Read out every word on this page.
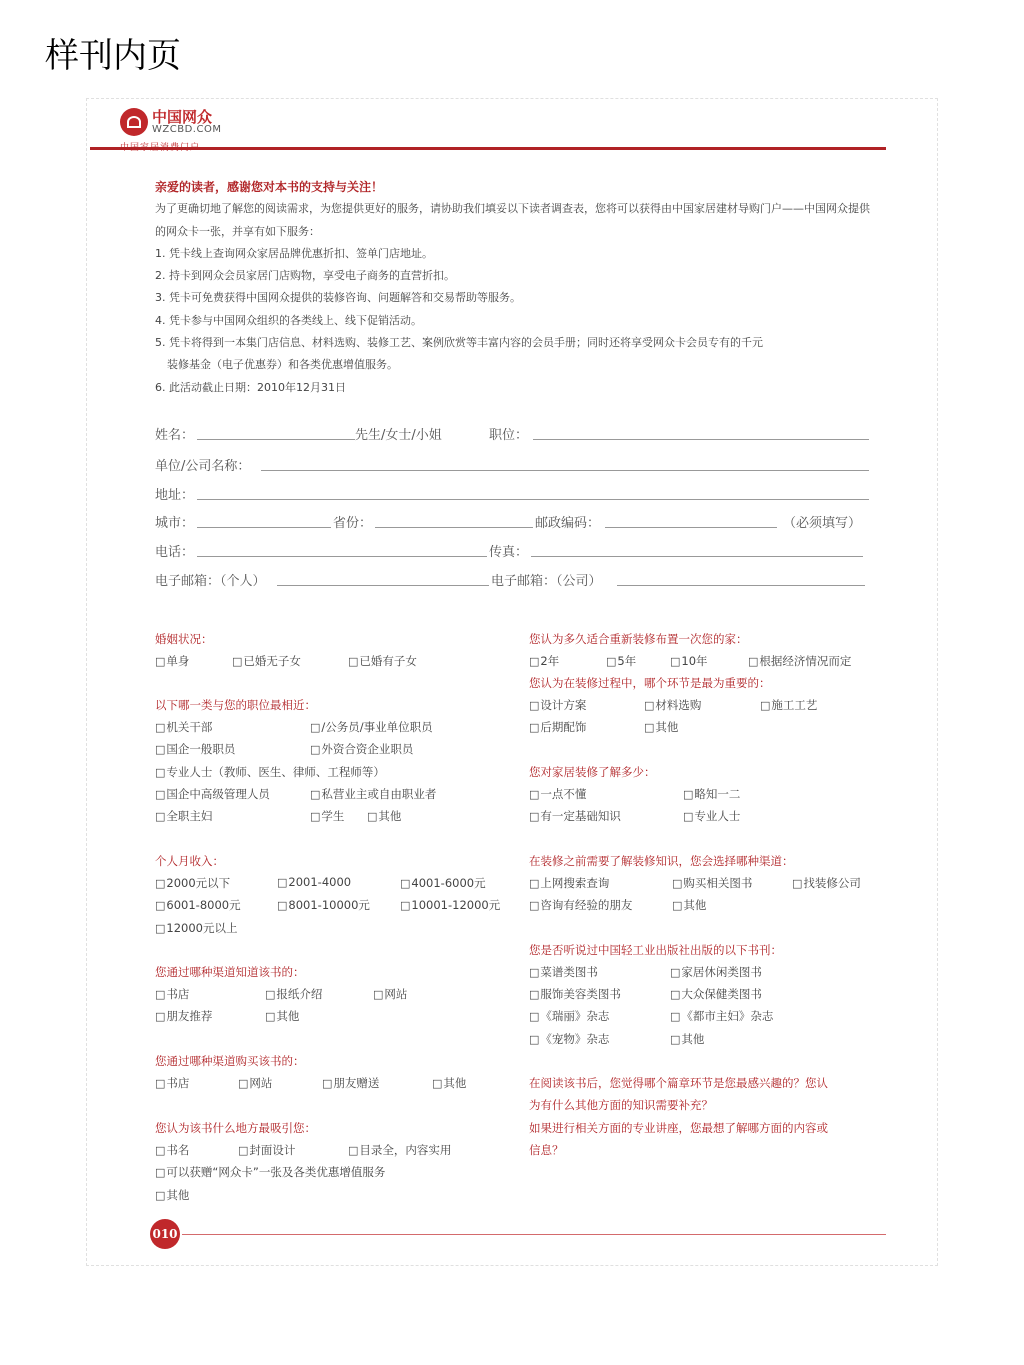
样刊内页
中国网众
WZCBD.COM
亲爱的读者，感谢您对本书的支持与关注！
为了更确切地了解您的阅读需求，为您提供更好的服务，请协助我们填妥以下读者调查表，您将可以获得由中国家居建材导购门户——中国网众提供的网众卡一张，并享有如下服务：
1. 凭卡线上查询网众家居品牌优惠折扣、签单门店地址。
2. 持卡到网众会员家居门店购物，享受电子商务的直营折扣。
3. 凭卡可免费获得中国网众提供的装修咨询、问题解答和交易帮助等服务。
4. 凭卡参与中国网众组织的各类线上、线下促销活动。
5. 凭卡将得到一本集门店信息、材料选购、装修工艺、案例欣赏等丰富内容的会员手册；同时还将享受网众卡会员专有的千元
装修基金（电子优惠券）和各类优惠增值服务。
6. 此活动截止日期：2010年12月31日
姓名：	先生/女士/小姐	职位：
单位/公司名称：
地址：
城市：	省份：	邮政编码：	（必须填写）
电话：	传真：
电子邮箱：（个人）	电子邮箱：（公司）
婚姻状况：
□ 单身	□ 已婚无子女	□ 已婚有子女
以下哪一类与您的职位最相近：
□ 机关干部	□ /公务员/事业单位职员
□ 国企一般职员	□ 外资合资企业职员
□ 专业人士（教师、医生、律师、工程师等）
□ 国企中高级管理人员	□ 私营业主或自由职业者
□ 全职主妇	□ 学生	□ 其他
个人月收入：
□ 2000元以下	□ 2001-4000	□ 4001-6000元
□ 6001-8000元	□ 8001-10000元	□ 10001-12000元
□ 12000元以上
您通过哪种渠道知道该书的：
□ 书店	□ 报纸介绍	□ 网站
□ 朋友推荐	□ 其他
您通过哪种渠道购买该书的：
□ 书店	□ 网站	□ 朋友赠送	□ 其他
您认为该书什么地方最吸引您：
□ 书名	□ 封面设计	□ 目录全，内容实用
□ 可以获赠“网众卡”一张及各类优惠增值服务
□ 其他
您认为多久适合重新装修布置一次您的家：
□ 2年	□ 5年	□ 10年	□ 根据经济情况而定
您认为在装修过程中，哪个环节是最为重要的：
□ 设计方案	□ 材料选购	□ 施工工艺
□ 后期配饰	□ 其他
您对家居装修了解多少：
□ 一点不懂	□ 略知一二
□ 有一定基础知识	□ 专业人士
在装修之前需要了解装修知识，您会选择哪种渠道：
□ 上网搜索查询	□ 购买相关图书	□ 找装修公司
□ 咨询有经验的朋友	□ 其他
您是否听说过中国轻工业出版社出版的以下书刊：
□ 菜谱类图书	□ 家居休闲类图书
□ 服饰美容类图书	□ 大众保健类图书
□ 《瑞丽》杂志	□ 《都市主妇》杂志
□ 《宠物》杂志	□ 其他
在阅读该书后，您觉得哪个篇章环节是您最感兴趣的？您认
为有什么其他方面的知识需要补充？
如果进行相关方面的专业讲座，您最想了解哪方面的内容或
信息？
010
